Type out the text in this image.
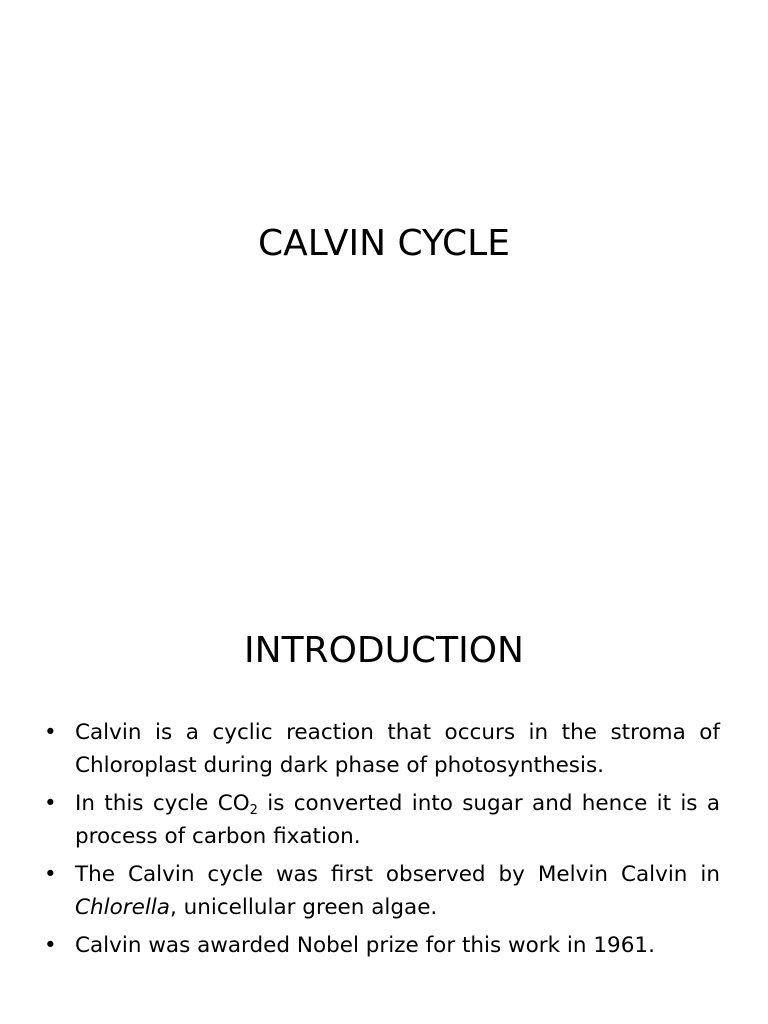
CALVIN CYCLE
INTRODUCTION
• Calvin is a cyclic reaction that occurs in the stroma of Chloroplast during dark phase of photosynthesis.
• In this cycle $CO_2$ is converted into sugar and hence it is a process of carbon fixation.
• The Calvin cycle was first observed by Melvin Calvin in Chlorella, unicellular green algae.
• Calvin was awarded Nobel prize for this work in 1961.
